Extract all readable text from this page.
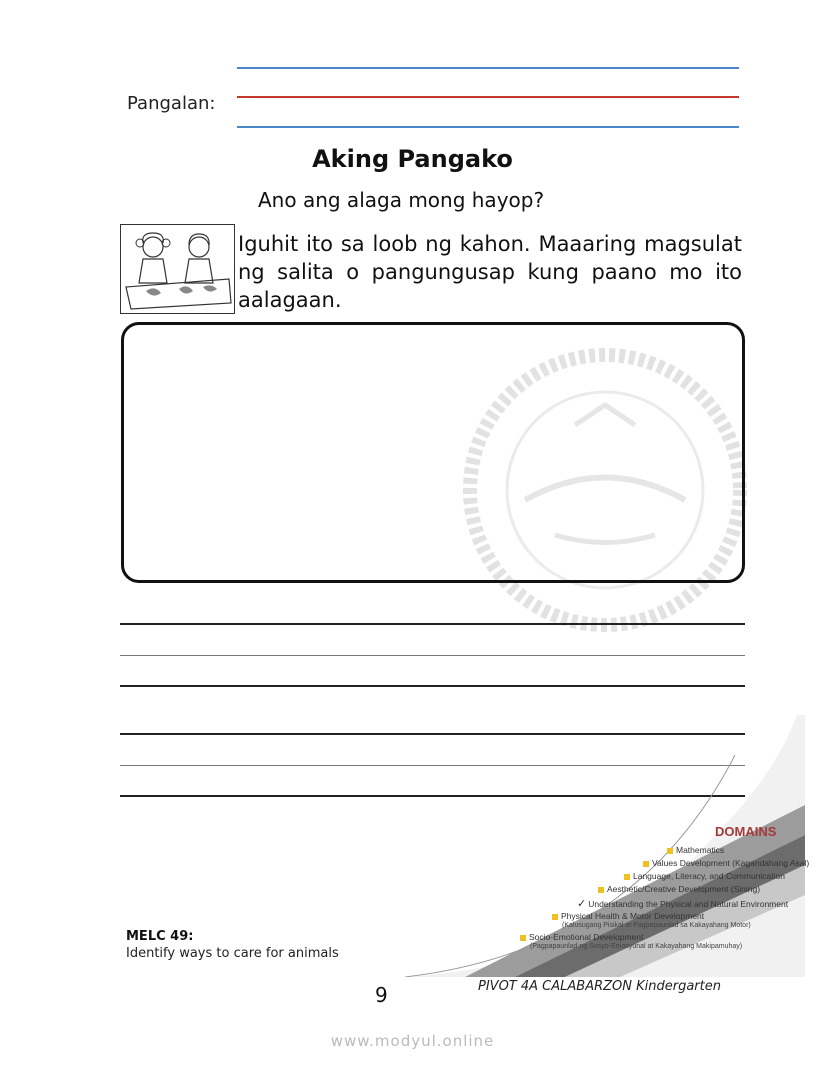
Pangalan:
Aking Pangako
Ano ang alaga mong hayop?
Iguhit ito sa loob ng kahon. Maaaring magsulat ng salita o pangungusap kung paano mo ito aalagaan.
DOMAINS
Mathematics
Values Development (Kagandahang Asal)
Language, Literacy, and Communication
Aesthetic/Creative Development (Sining)
✓ Understanding the Physical and Natural Environment
Physical Health & Motor Development
(Kalusugang Pisikal at Pagpapaunlad sa Kakayahang Motor)
Socio-Emotional Development
(Pagpapaunlad ng Sosyo-Emosyunal at Kakayahang Makipamuhay)
MELC 49:
Identify ways to care for animals
9	PIVOT 4A CALABARZON Kindergarten
www.modyul.online
